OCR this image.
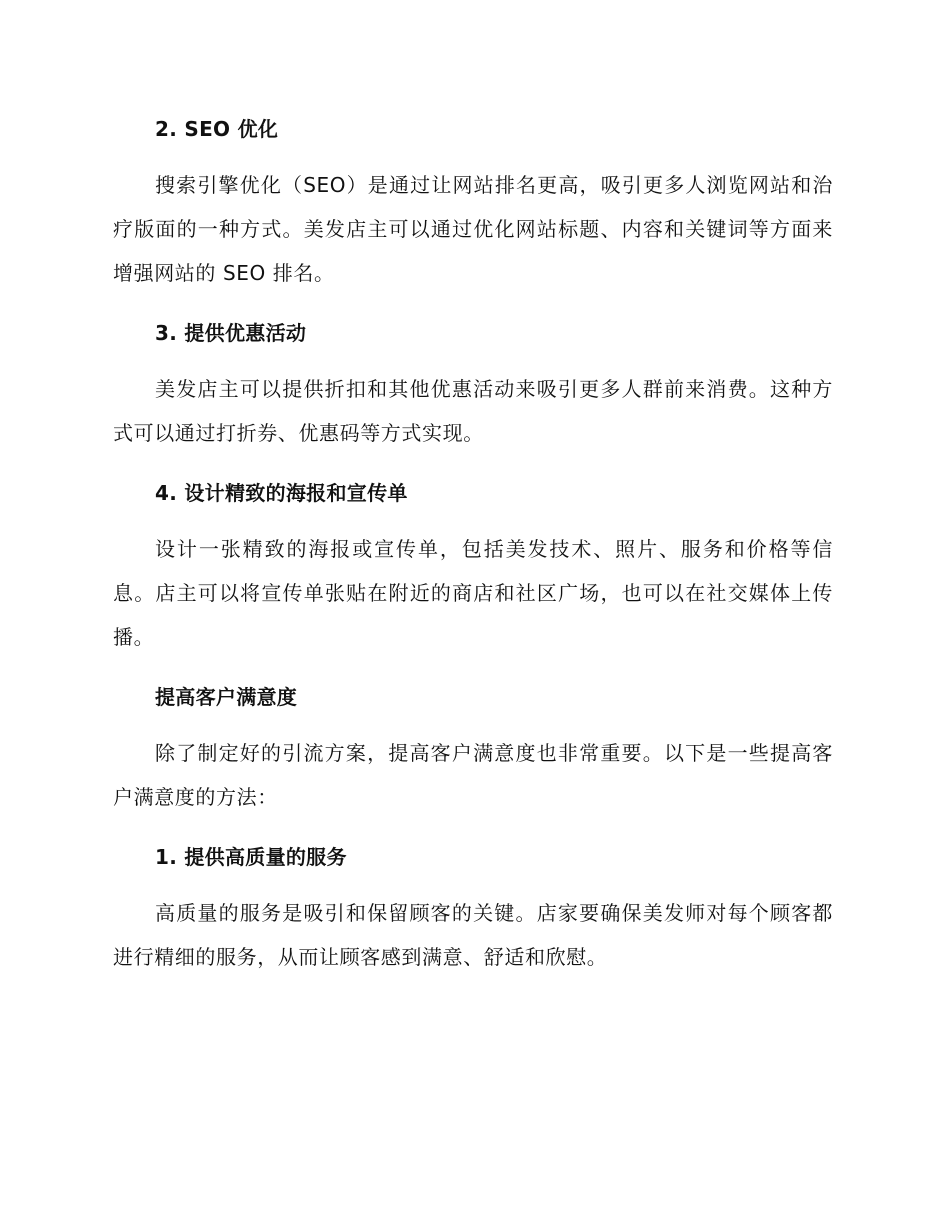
2. SEO 优化

搜索引擎优化（SEO）是通过让网站排名更高，吸引更多人浏览网站和治疗版面的一种方式。美发店主可以通过优化网站标题、内容和关键词等方面来增强网站的 SEO 排名。

3. 提供优惠活动

美发店主可以提供折扣和其他优惠活动来吸引更多人群前来消费。这种方式可以通过打折券、优惠码等方式实现。

4. 设计精致的海报和宣传单

设计一张精致的海报或宣传单，包括美发技术、照片、服务和价格等信息。店主可以将宣传单张贴在附近的商店和社区广场，也可以在社交媒体上传播。

提高客户满意度

除了制定好的引流方案，提高客户满意度也非常重要。以下是一些提高客户满意度的方法：

1. 提供高质量的服务

高质量的服务是吸引和保留顾客的关键。店家要确保美发师对每个顾客都进行精细的服务，从而让顾客感到满意、舒适和欣慰。
